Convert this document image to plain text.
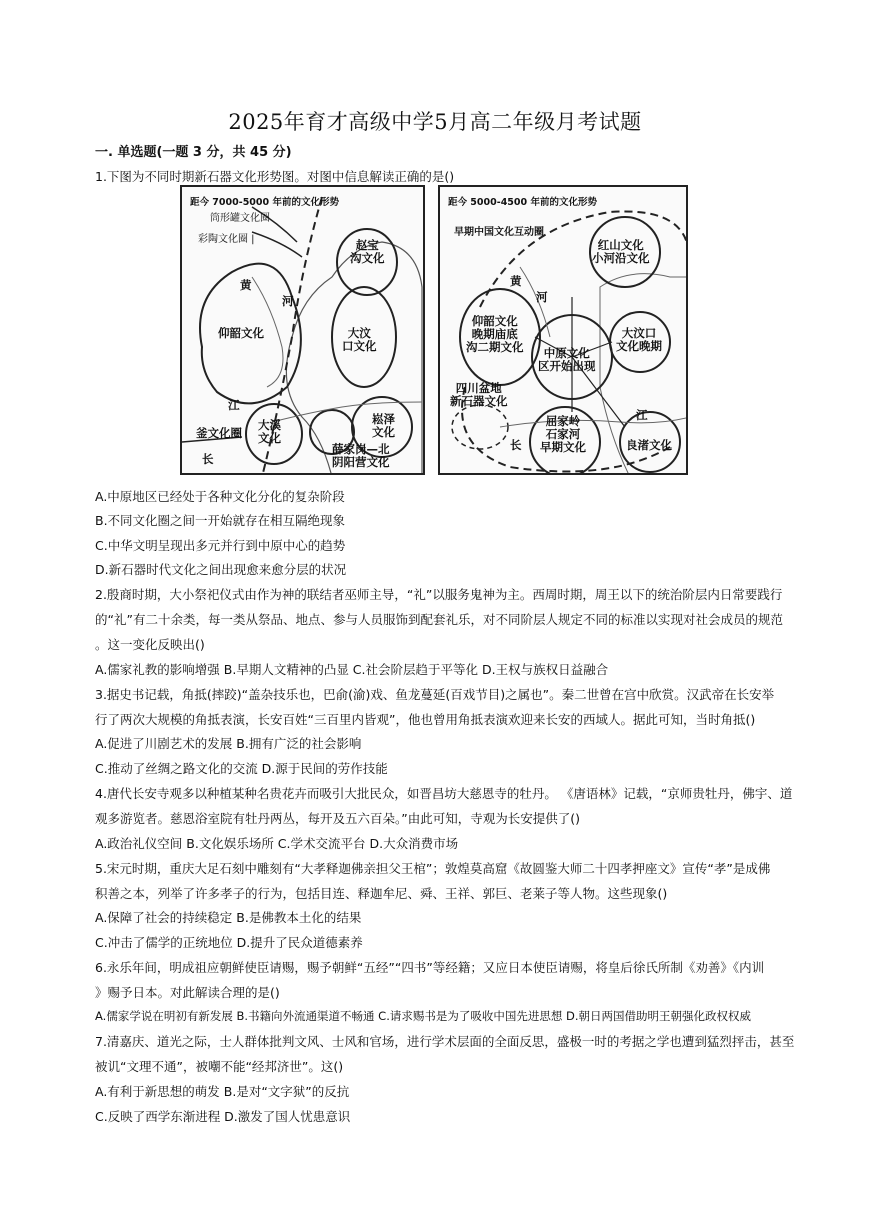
2025年育才高级中学5月高二年级月考试题
一. 单选题(一题 3 分，共 45 分)
1.下图为不同时期新石器文化形势图。对图中信息解读正确的是()
距今 7000-5000 年前的文化形势
筒形罐文化圈
彩陶文化圈 |	赵宝
沟文化
黄
河
仰韶文化	大汶
口文化
江
大溪
文化
崧泽
文化
薛家岗—北
阴阳营文化
釜文化圈
长
距今 5000-4500 年前的文化形势
早期中国文化互动圈
红山文化
小河沿文化
黄
河
仰韶文化
晚期庙底
沟二期文化	中原文化
区开始出现
大汶口
文化晚期
四川盆地
新石器文化
屈家岭
石家河
早期文化
江
良渚文化
长
A.中原地区已经处于各种文化分化的复杂阶段
B.不同文化圈之间一开始就存在相互隔绝现象
C.中华文明呈现出多元并行到中原中心的趋势
D.新石器时代文化之间出现愈来愈分层的状况
2.殷商时期，大小祭祀仪式由作为神的联结者巫师主导，“礼”以服务鬼神为主。西周时期，周王以下的统治阶层内日常要践行
的“礼”有二十余类，每一类从祭品、地点、参与人员服饰到配套礼乐，对不同阶层人规定不同的标准以实现对社会成员的规范
。这一变化反映出()
A.儒家礼教的影响增强 B.早期人文精神的凸显 C.社会阶层趋于平等化 D.王权与族权日益融合
3.据史书记载，角抵(摔跤)“盖杂技乐也，巴俞(渝)戏、鱼龙蔓延(百戏节目)之属也”。秦二世曾在宫中欣赏。汉武帝在长安举
行了两次大规模的角抵表演，长安百姓“三百里内皆观”，他也曾用角抵表演欢迎来长安的西域人。据此可知，当时角抵()
A.促进了川剧艺术的发展 B.拥有广泛的社会影响
C.推动了丝绸之路文化的交流 D.源于民间的劳作技能
4.唐代长安寺观多以种植某种名贵花卉而吸引大批民众，如晋昌坊大慈恩寺的牡丹。 《唐语林》记载，“京师贵牡丹，佛宇、道
观多游览者。慈恩浴室院有牡丹两丛，每开及五六百朵。”由此可知，寺观为长安提供了()
A.政治礼仪空间 B.文化娱乐场所 C.学术交流平台 D.大众消费市场
5.宋元时期，重庆大足石刻中雕刻有“大孝释迦佛亲担父王棺”；敦煌莫高窟《故圆鉴大师二十四孝押座文》宣传“孝”是成佛
积善之本，列举了许多孝子的行为，包括目连、释迦牟尼、舜、王祥、郭巨、老莱子等人物。这些现象()
A.保障了社会的持续稳定 B.是佛教本土化的结果
C.冲击了儒学的正统地位 D.提升了民众道德素养
6.永乐年间，明成祖应朝鲜使臣请赐，赐予朝鲜“五经”“四书”等经籍；又应日本使臣请赐，将皇后徐氏所制《劝善》《内训
》赐予日本。对此解读合理的是()
A.儒家学说在明初有新发展 B.书籍向外流通渠道不畅通 C.请求赐书是为了吸收中国先进思想 D.朝日两国借助明王朝强化政权权威
7.清嘉庆、道光之际，士人群体批判文风、士风和官场，进行学术层面的全面反思，盛极一时的考据之学也遭到猛烈抨击，甚至
被讥“文理不通”，被嘲不能“经邦济世”。这()
A.有利于新思想的萌发 B.是对“文字狱”的反抗
C.反映了西学东渐进程 D.激发了国人忧患意识
